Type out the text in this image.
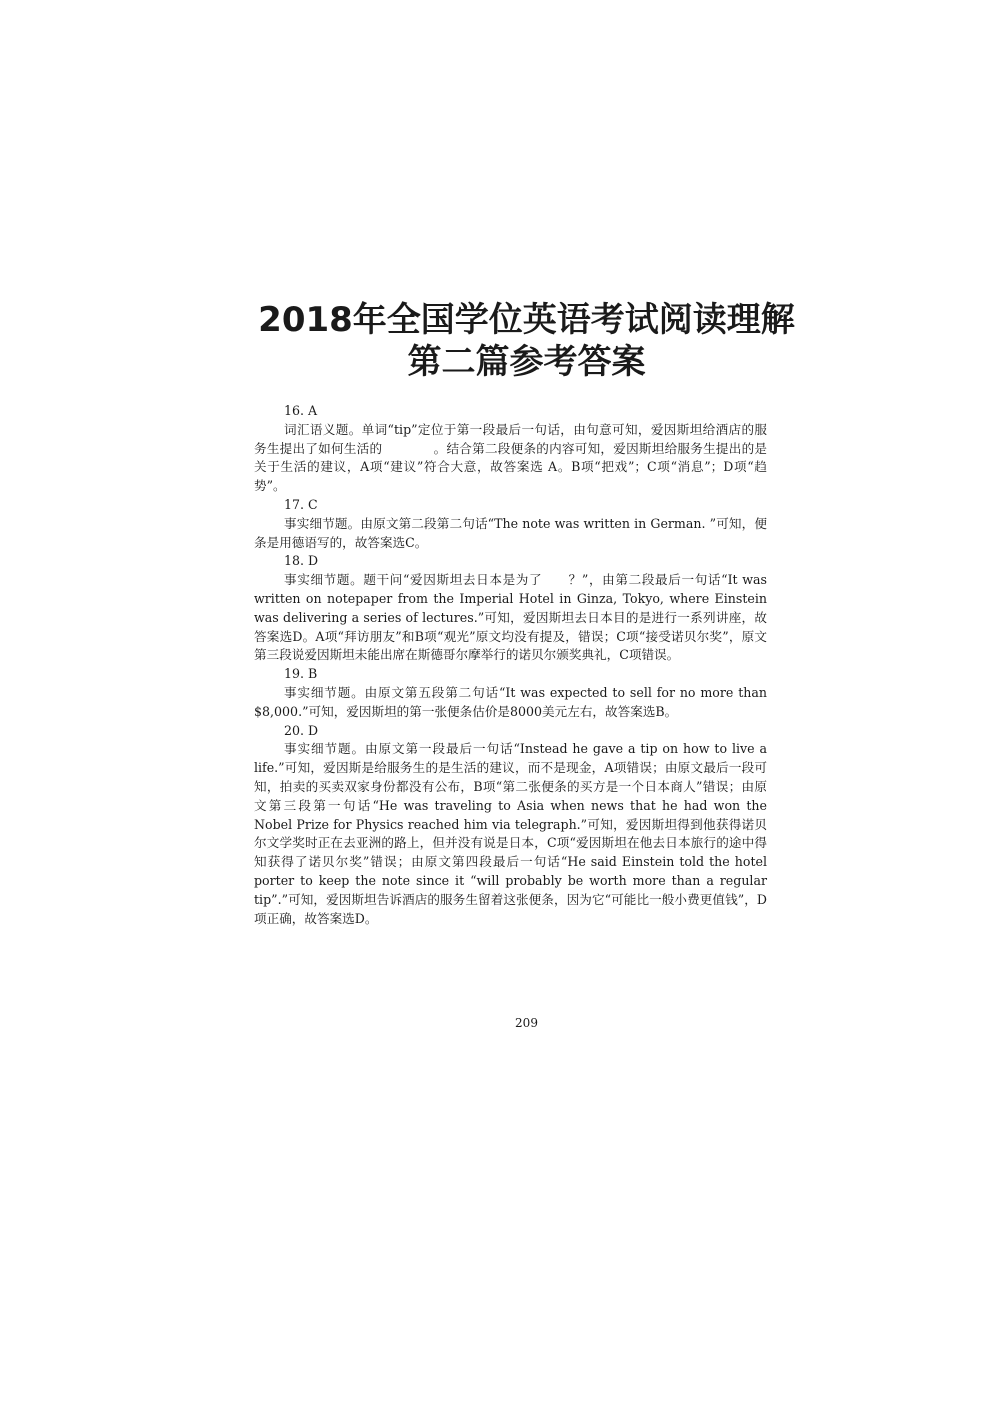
2018年全国学位英语考试阅读理解
第二篇参考答案

16. A

词汇语义题。单词“tip”定位于第一段最后一句话，由句意可知，爱因斯坦给酒店的服务生提出了如何生活的　　　　。结合第二段便条的内容可知，爱因斯坦给服务生提出的是关于生活的建议，A项“建议”符合大意，故答案选 A。B项“把戏”；C项“消息”；D项“趋势”。

17. C

事实细节题。由原文第二段第二句话“The note was written in German. ”可知，便条是用德语写的，故答案选C。

18. D

事实细节题。题干问“爱因斯坦去日本是为了　　？”，由第二段最后一句话“It was written on notepaper from the Imperial Hotel in Ginza, Tokyo, where Einstein was delivering a series of lectures.”可知，爱因斯坦去日本目的是进行一系列讲座，故答案选D。A项“拜访朋友”和B项“观光”原文均没有提及，错误；C项“接受诺贝尔奖”，原文第三段说爱因斯坦未能出席在斯德哥尔摩举行的诺贝尔颁奖典礼，C项错误。

19. B

事实细节题。由原文第五段第二句话“It was expected to sell for no more than $8,000.”可知，爱因斯坦的第一张便条估价是8000美元左右，故答案选B。

20. D

事实细节题。由原文第一段最后一句话“Instead he gave a tip on how to live a life.”可知，爱因斯是给服务生的是生活的建议，而不是现金，A项错误；由原文最后一段可知，拍卖的买卖双家身份都没有公布，B项“第二张便条的买方是一个日本商人”错误；由原文第三段第一句话“He was traveling to Asia when news that he had won the Nobel Prize for Physics reached him via telegraph.”可知，爱因斯坦得到他获得诺贝尔文学奖时正在去亚洲的路上，但并没有说是日本，C项“爱因斯坦在他去日本旅行的途中得知获得了诺贝尔奖”错误；由原文第四段最后一句话“He said Einstein told the hotel porter to keep the note since it “will probably be worth more than a regular tip”.”可知，爱因斯坦告诉酒店的服务生留着这张便条，因为它“可能比一般小费更值钱”，D项正确，故答案选D。

209
